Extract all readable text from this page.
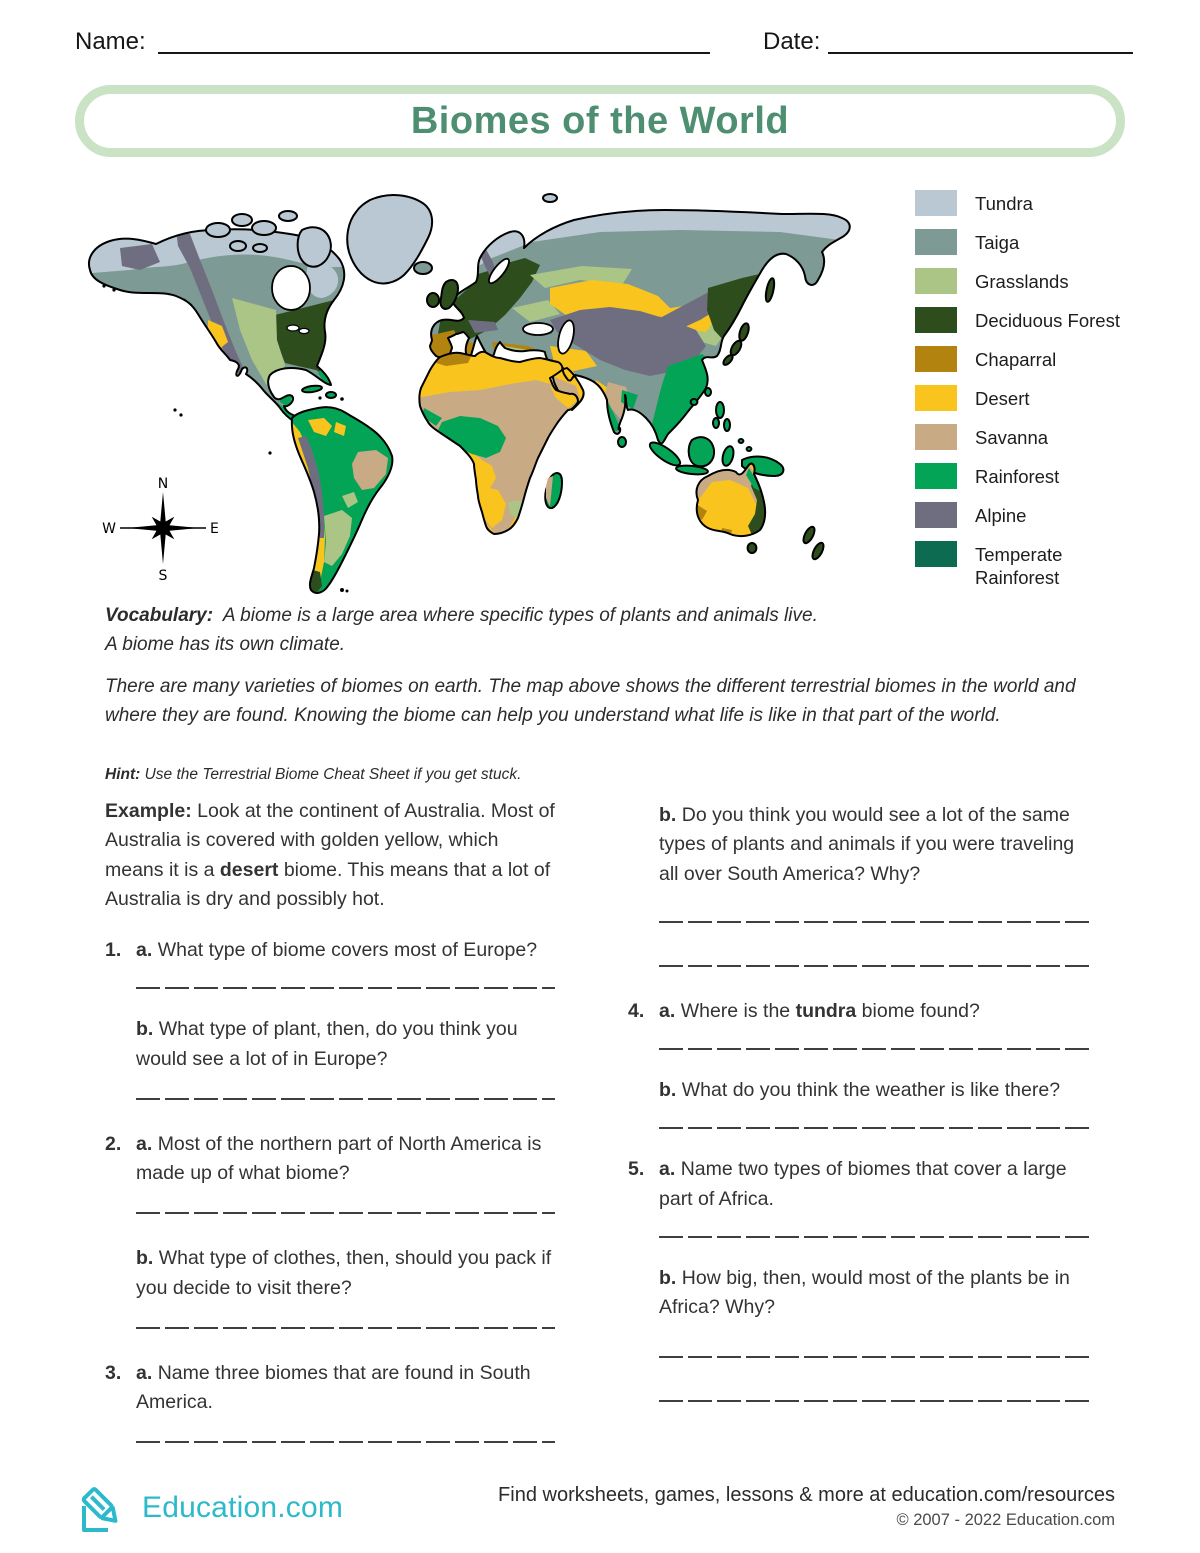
Name:	Date:
Biomes of the World
N
S
W	E
Tundra
Taiga
Grasslands
Deciduous Forest
Chaparral
Desert
Savanna
Rainforest
Alpine
Temperate Rainforest
Vocabulary: A biome is a large area where specific types of plants and animals live.
A biome has its own climate.
There are many varieties of biomes on earth. The map above shows the different terrestrial biomes in the world and where they are found. Knowing the biome can help you understand what life is like in that part of the world.
Hint: Use the Terrestrial Biome Cheat Sheet if you get stuck.

Example: Look at the continent of Australia. Most of Australia is covered with golden yellow, which means it is a desert biome. This means that a lot of Australia is dry and possibly hot.

1. a. What type of biome covers most of Europe?
b. What type of plant, then, do you think you would see a lot of in Europe?
2. a. Most of the northern part of North America is made up of what biome?
b. What type of clothes, then, should you pack if you decide to visit there?
3. a. Name three biomes that are found in South America.
b. Do you think you would see a lot of the same types of plants and animals if you were traveling all over South America? Why?
4. a. Where is the tundra biome found?
b. What do you think the weather is like there?
5. a. Name two types of biomes that cover a large part of Africa.
b. How big, then, would most of the plants be in Africa? Why?
Education.com	Find worksheets, games, lessons & more at education.com/resources
© 2007 - 2022 Education.com
